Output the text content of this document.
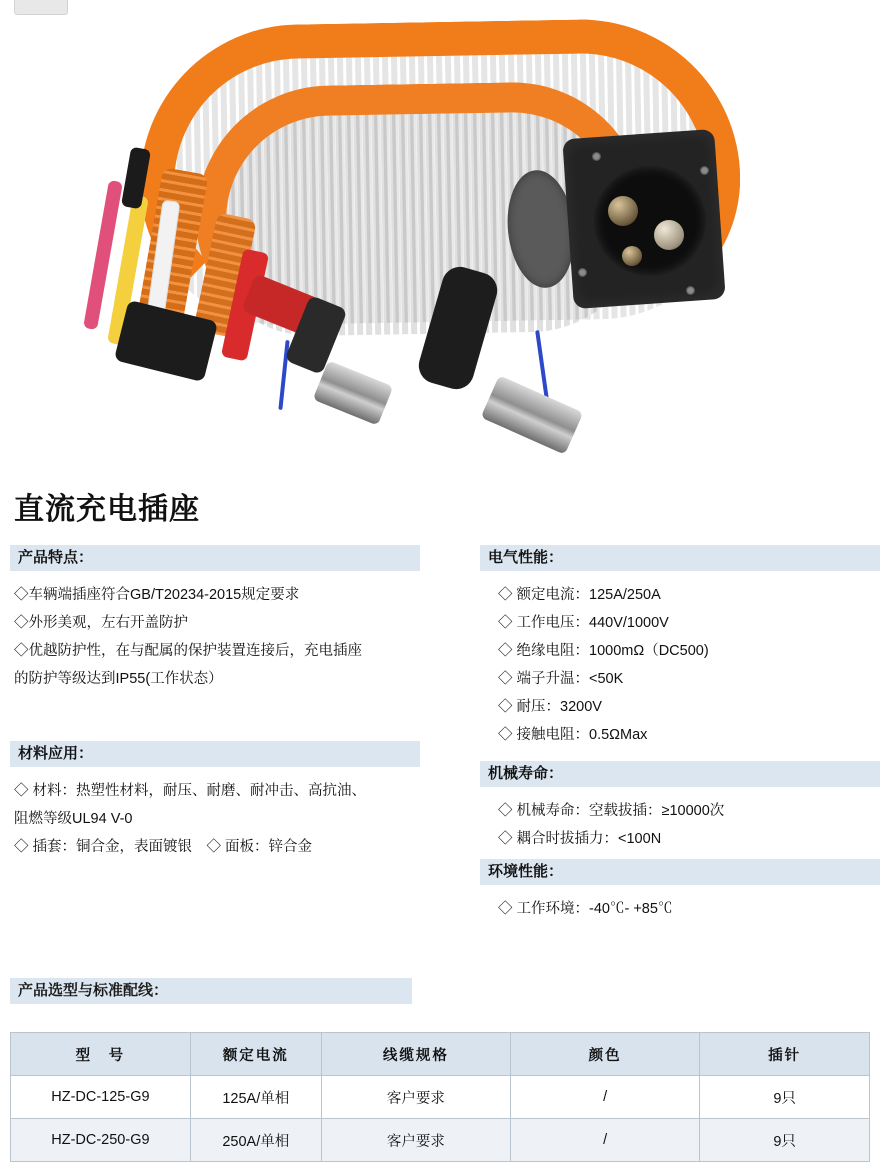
直流充电插座
产品特点：
◇车辆端插座符合GB/T20234-2015规定要求
◇外形美观，左右开盖防护
◇优越防护性，在与配属的保护装置连接后，充电插座
的防护等级达到IP55(工作状态）
材料应用：
◇ 材料：热塑性材料，耐压、耐磨、耐冲击、高抗油、
阻燃等级UL94 V-0
◇ 插套：铜合金，表面镀银　◇ 面板：锌合金
电气性能：
◇ 额定电流：125A/250A
◇ 工作电压：440V/1000V
◇ 绝缘电阻：1000mΩ（DC500)
◇ 端子升温：<50K
◇ 耐压：3200V
◇ 接触电阻：0.5ΩMax
机械寿命：
◇ 机械寿命：空载拔插：≥10000次
◇ 耦合时拔插力：<100N
环境性能：
◇ 工作环境：-40℃- +85℃
产品选型与标准配线：
型　号	额定电流	线缆规格	颜色	插针
HZ-DC-125-G9	125A/单相	客户要求	/	9只
HZ-DC-250-G9	250A/单相	客户要求	/	9只
